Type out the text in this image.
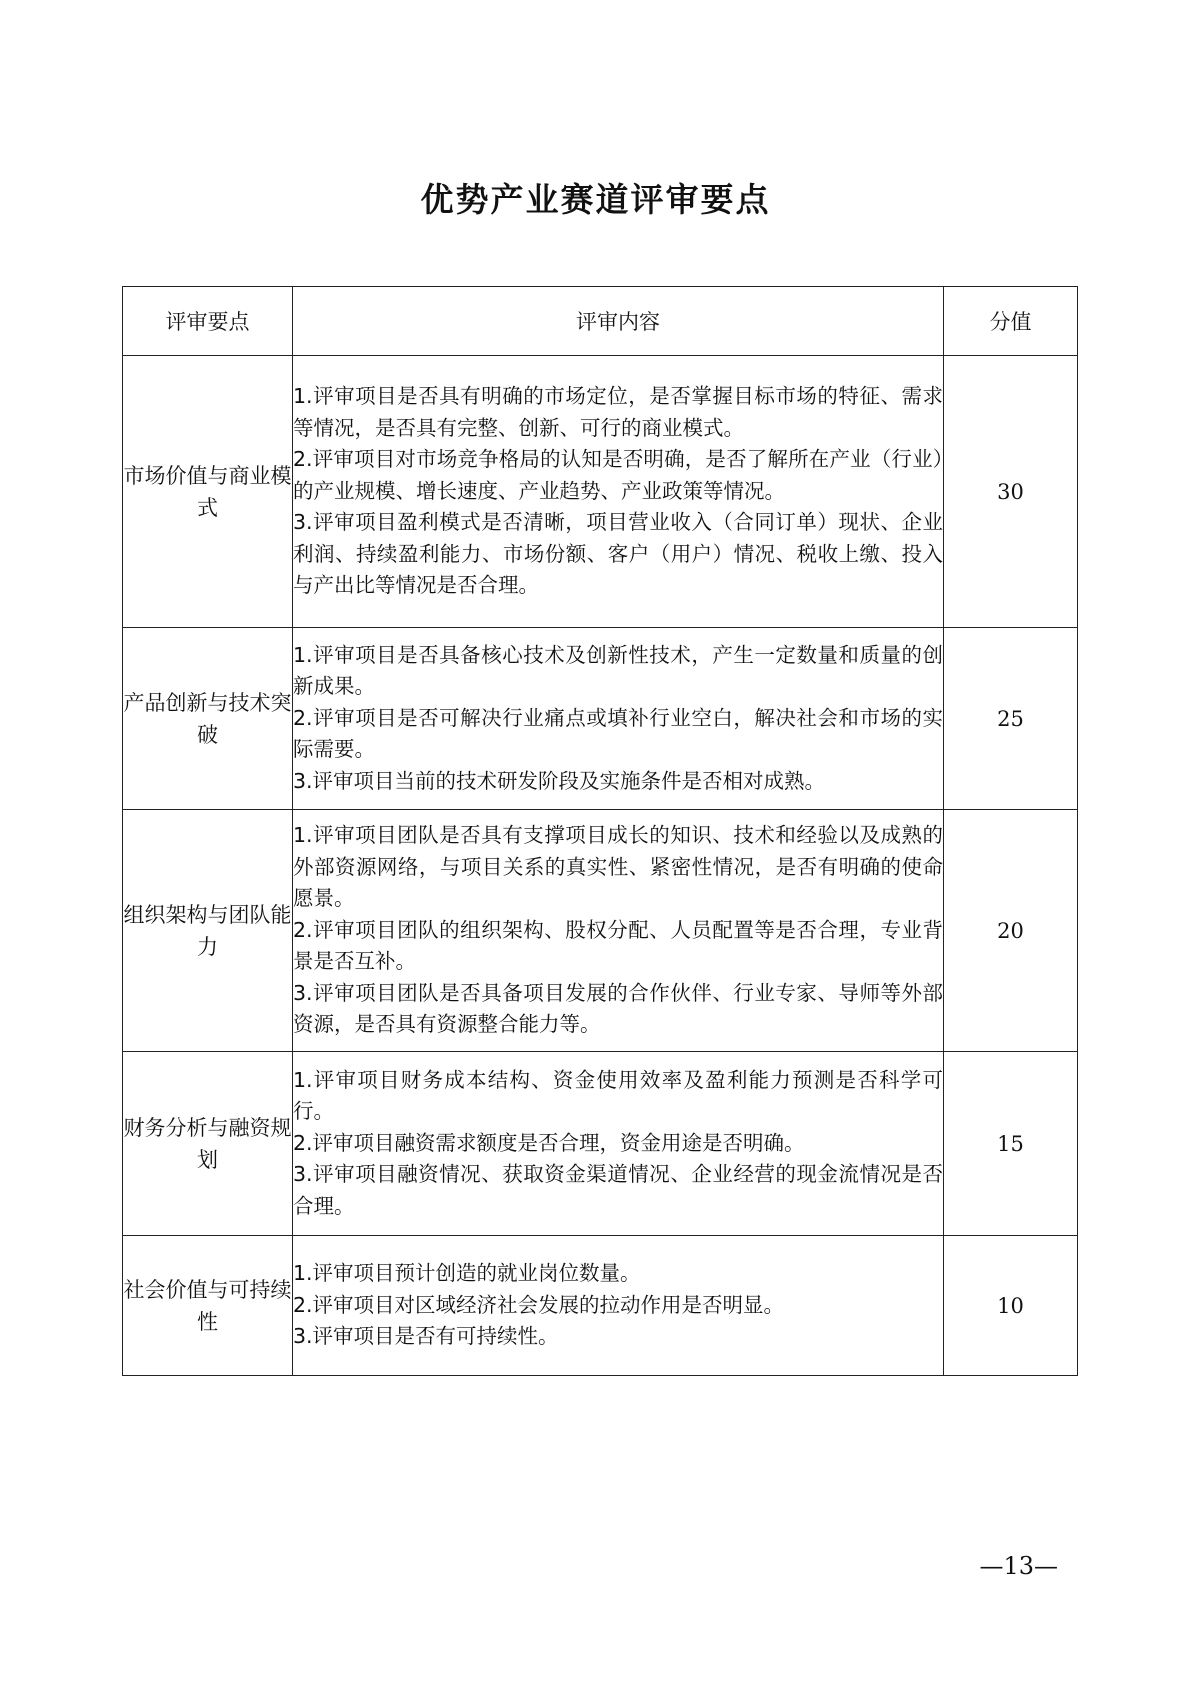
优势产业赛道评审要点
评审要点	评审内容	分值
市场价值与商业模式	1.评审项目是否具有明确的市场定位，是否掌握目标市场的特征、需求等情况，是否具有完整、创新、可行的商业模式。
2.评审项目对市场竞争格局的认知是否明确，是否了解所在产业（行业）的产业规模、增长速度、产业趋势、产业政策等情况。
3.评审项目盈利模式是否清晰，项目营业收入（合同订单）现状、企业利润、持续盈利能力、市场份额、客户（用户）情况、税收上缴、投入与产出比等情况是否合理。	30
产品创新与技术突破	1.评审项目是否具备核心技术及创新性技术，产生一定数量和质量的创新成果。
2.评审项目是否可解决行业痛点或填补行业空白，解决社会和市场的实际需要。
3.评审项目当前的技术研发阶段及实施条件是否相对成熟。	25
组织架构与团队能力	1.评审项目团队是否具有支撑项目成长的知识、技术和经验以及成熟的外部资源网络，与项目关系的真实性、紧密性情况，是否有明确的使命愿景。
2.评审项目团队的组织架构、股权分配、人员配置等是否合理，专业背景是否互补。
3.评审项目团队是否具备项目发展的合作伙伴、行业专家、导师等外部资源，是否具有资源整合能力等。	20
财务分析与融资规划	1.评审项目财务成本结构、资金使用效率及盈利能力预测是否科学可行。
2.评审项目融资需求额度是否合理，资金用途是否明确。
3.评审项目融资情况、获取资金渠道情况、企业经营的现金流情况是否合理。	15
社会价值与可持续性	1.评审项目预计创造的就业岗位数量。
2.评审项目对区域经济社会发展的拉动作用是否明显。
3.评审项目是否有可持续性。	10
—13—
